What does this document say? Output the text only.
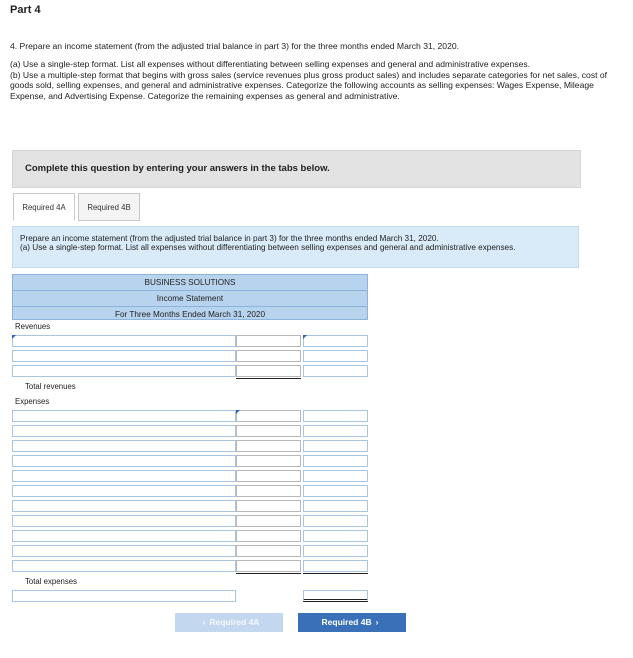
Part 4
4. Prepare an income statement (from the adjusted trial balance in part 3) for the three months ended March 31, 2020.
(a) Use a single-step format. List all expenses without differentiating between selling expenses and general and administrative expenses.
(b) Use a multiple-step format that begins with gross sales (service revenues plus gross product sales) and includes separate categories for net sales, cost of goods sold, selling expenses, and general and administrative expenses. Categorize the following accounts as selling expenses: Wages Expense, Mileage Expense, and Advertising Expense. Categorize the remaining expenses as general and administrative.
Complete this question by entering your answers in the tabs below.
Required 4A	Required 4B
Prepare an income statement (from the adjusted trial balance in part 3) for the three months ended March 31, 2020.
(a) Use a single-step format. List all expenses without differentiating between selling expenses and general and administrative expenses.
BUSINESS SOLUTIONS
Income Statement
For Three Months Ended March 31, 2020
Revenues
Total revenues
Expenses
Total expenses
‹ Required 4A	Required 4B ›
